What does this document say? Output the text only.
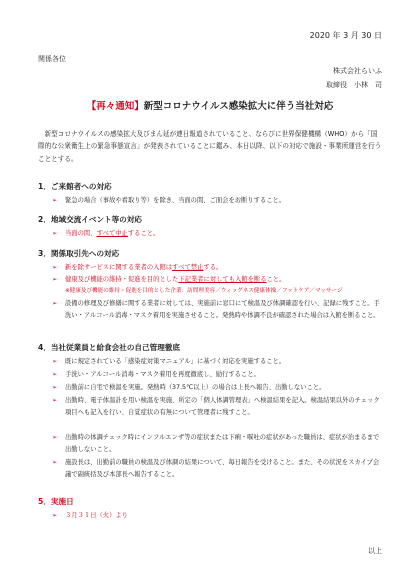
2020 年 3 月 30 日
関係各位
株式会社らいふ
取締役　小林　司
【再々通知】新型コロナウイルス感染拡大に伴う当社対応
新型コロナウイルスの感染拡大及びまん延が連日報道されていること、ならびに世界保健機構（WHO）から「国際的な公衆衛生上の緊急事態宣言」が発表されていることに鑑み、本日以降、以下の対応で施設・事業所運営を行うこととする。
1．ご来館者への対応
➢	緊急の場合（事故や看取り等）を除き、当面の間、ご面会をお断りすること。
2．地域交流イベント等の対応
➢	当面の間、すべて中止すること。
3．関係取引先への対応
➢	新を除サービスに関する業者の入館はすべて禁止する。
➢	健康及び機能の維持・促進を目的とした下記業者に対しても入館を断ること。
※健康及び機能の維持・促進を目的とした企業：訪問理美容／ウィッグネス健康体操／フットケア／マッサージ
➢	設備の修理及び修繕に関する業者に対しては、実施前に窓口にて検温及び体調確認を行い、記録に残すこと。手洗い・アルコール消毒・マスク着用を実施させること。発熱時や体調不良が確認された場合は入館を断ること。
4．当社従業員と給食会社の自己管理徹底
➢	既に規定されている「感染症対策マニュアル」に基づく対応を実施すること。
➢	手洗い・アルコール消毒・マスク着用を再度徹底し、励行すること。
➢	出勤前に自宅で検温を実施。発熱時（37.5℃以上）の場合は上長へ報告、出勤しないこと。
➢	出勤時、電子体温計を用い検温を実施、所定の「個人体調管理表」へ検温結果を記入。検温結果以外のチェック項目へも記入を行い、自覚症状の有無について管理者に残すこと。
➢	出勤時の体調チェック時にインフルエンザ等の症状または下痢・嘔吐の症状があった職員は、症状が治まるまで出勤しないこと。
➢	施設長は、出勤前の職員の検温及び体調の結果について、毎日報告を受けること。また、その状況をスカイプ会議で副統括及び本部長へ報告すること。
5．実施日
➢	３月３１日（火）より
以上
